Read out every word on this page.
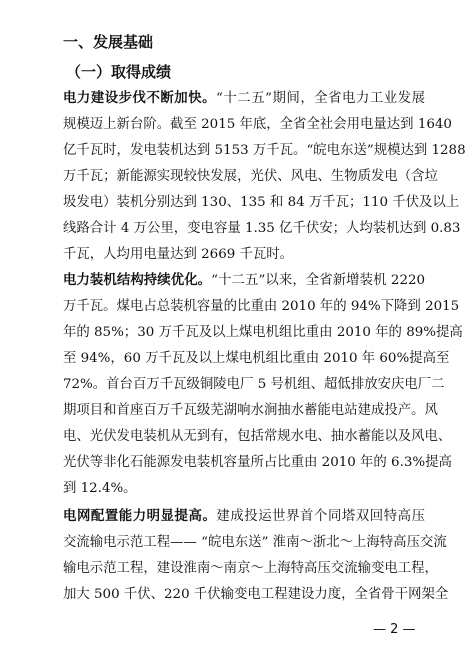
一、发展基础
（一）取得成绩
电力建设步伐不断加快。“十二五”期间，全省电力工业发展
规模迈上新台阶。截至 2015 年底，全省全社会用电量达到 1640
亿千瓦时，发电装机达到 5153 万千瓦。“皖电东送”规模达到 1288
万千瓦；新能源实现较快发展，光伏、风电、生物质发电（含垃
圾发电）装机分别达到 130、135 和 84 万千瓦；110 千伏及以上
线路合计 4 万公里，变电容量 1.35 亿千伏安；人均装机达到 0.83
千瓦，人均用电量达到 2669 千瓦时。
电力装机结构持续优化。“十二五”以来，全省新增装机 2220
万千瓦。煤电占总装机容量的比重由 2010 年的 94%下降到 2015
年的 85%；30 万千瓦及以上煤电机组比重由 2010 年的 89%提高
至 94%，60 万千瓦及以上煤电机组比重由 2010 年 60%提高至
72%。首台百万千瓦级铜陵电厂 5 号机组、超低排放安庆电厂二
期项目和首座百万千瓦级芜湖响水涧抽水蓄能电站建成投产。风
电、光伏发电装机从无到有，包括常规水电、抽水蓄能以及风电、
光伏等非化石能源发电装机容量所占比重由 2010 年的 6.3%提高
到 12.4%。
电网配置能力明显提高。建成投运世界首个同塔双回特高压
交流输电示范工程—— “皖电东送” 淮南～浙北～上海特高压交流
输电示范工程，建设淮南～南京～上海特高压交流输变电工程，
加大 500 千伏、220 千伏输变电工程建设力度，全省骨干网架全
— 2 —
